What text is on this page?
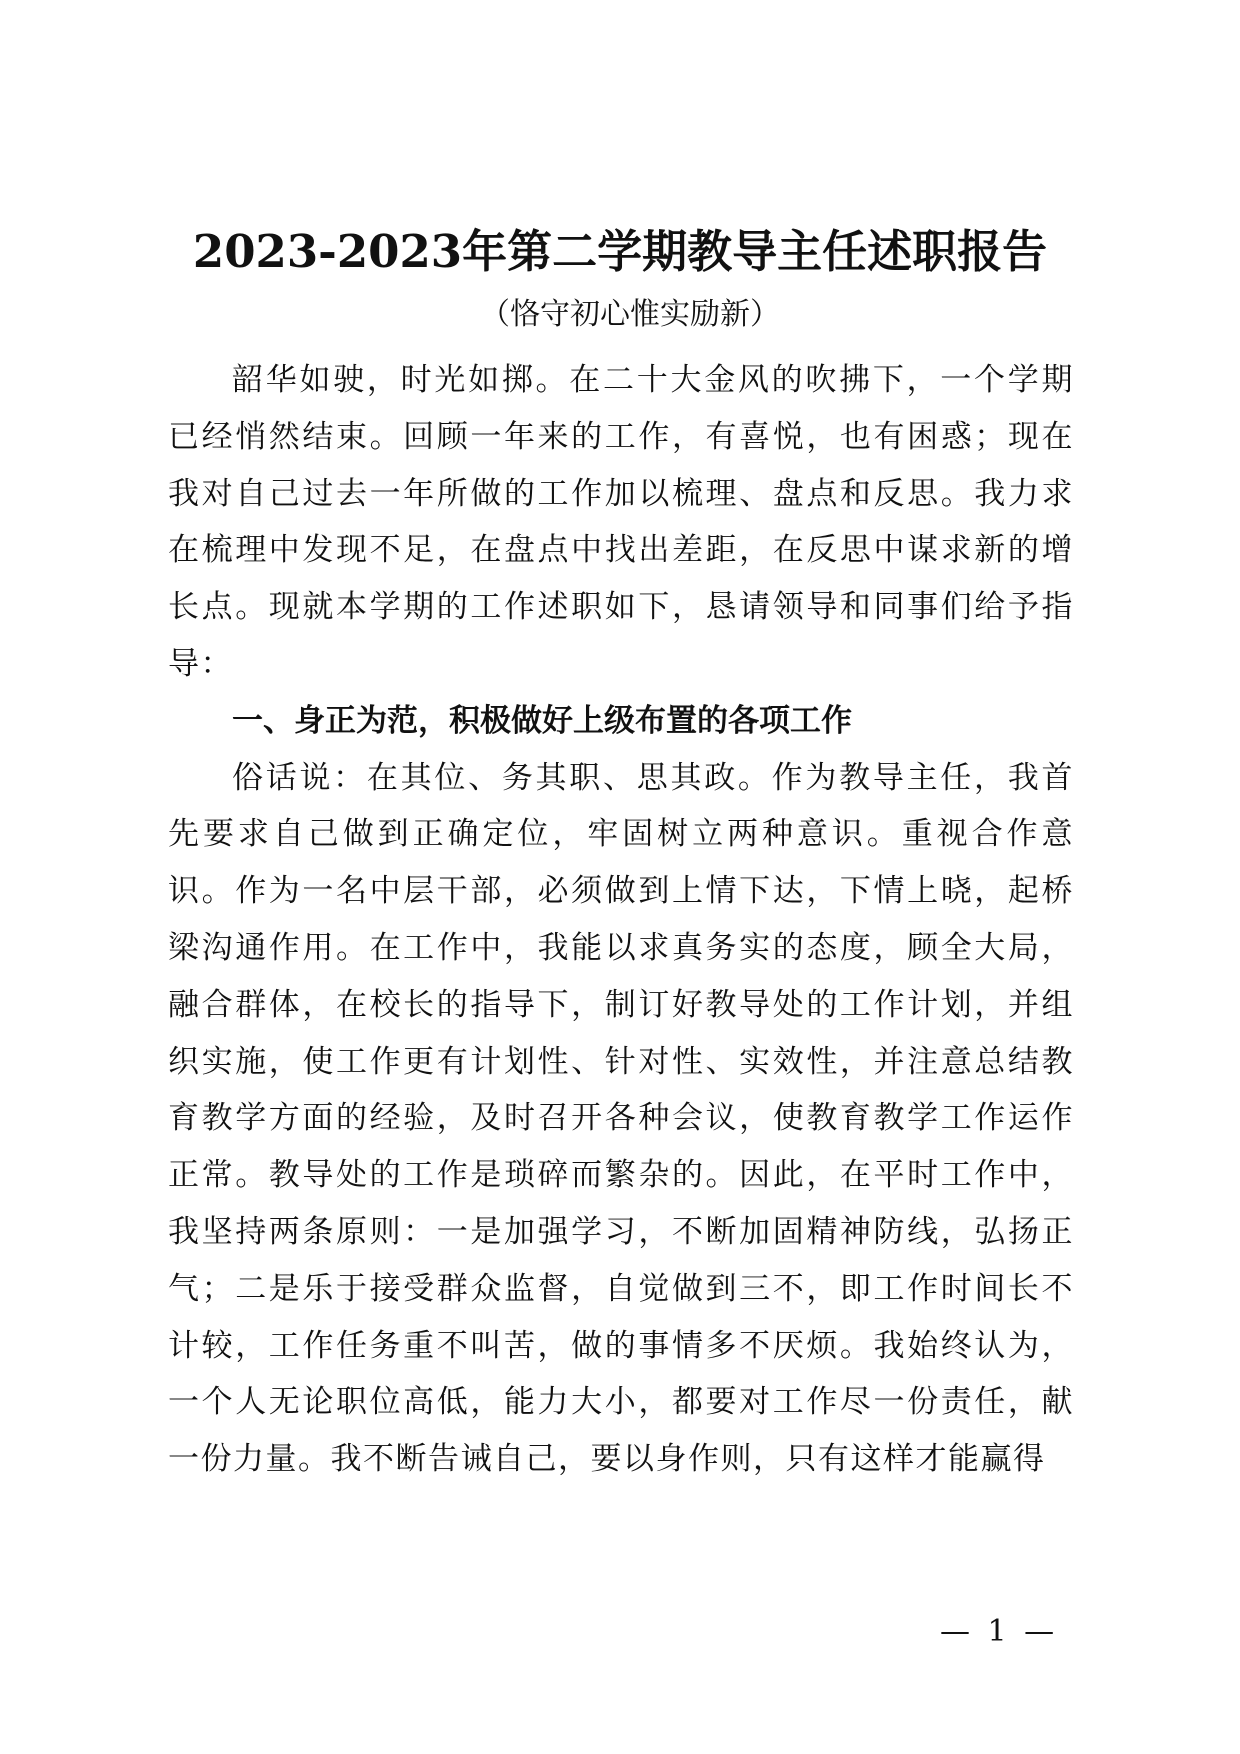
2023-2023年第二学期教导主任述职报告

（恪守初心惟实励新）

韶华如驶，时光如掷。在二十大金风的吹拂下，一个学期已经悄然结束。回顾一年来的工作，有喜悦，也有困惑；现在我对自己过去一年所做的工作加以梳理、盘点和反思。我力求在梳理中发现不足，在盘点中找出差距，在反思中谋求新的增长点。现就本学期的工作述职如下，恳请领导和同事们给予指导：

一、身正为范，积极做好上级布置的各项工作

俗话说：在其位、务其职、思其政。作为教导主任，我首先要求自己做到正确定位，牢固树立两种意识。重视合作意识。作为一名中层干部，必须做到上情下达，下情上晓，起桥梁沟通作用。在工作中，我能以求真务实的态度，顾全大局，融合群体，在校长的指导下，制订好教导处的工作计划，并组织实施，使工作更有计划性、针对性、实效性，并注意总结教育教学方面的经验，及时召开各种会议，使教育教学工作运作正常。教导处的工作是琐碎而繁杂的。因此，在平时工作中，我坚持两条原则：一是加强学习，不断加固精神防线，弘扬正气；二是乐于接受群众监督，自觉做到三不，即工作时间长不计较，工作任务重不叫苦，做的事情多不厌烦。我始终认为，一个人无论职位高低，能力大小，都要对工作尽一份责任，献一份力量。我不断告诫自己，要以身作则，只有这样才能赢得

— 1 —
